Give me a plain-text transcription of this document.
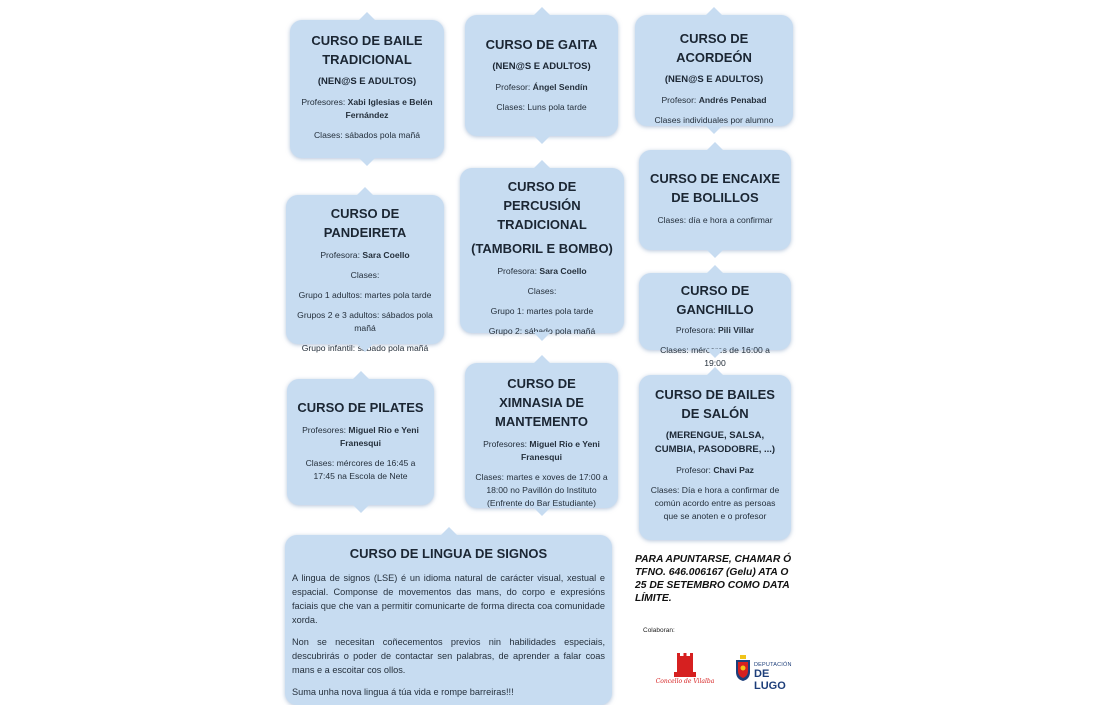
CURSO DE BAILE TRADICIONAL
(NEN@S E ADULTOS)
Profesores: Xabi Iglesias e Belén Fernández
Clases: sábados pola mañá
CURSO DE GAITA
(NEN@S E ADULTOS)
Profesor: Ángel Sendín
Clases: Luns pola tarde
CURSO DE ACORDEÓN
(NEN@S E ADULTOS)
Profesor: Andrés Penabad
Clases individuales por alumno
CURSO DE PANDEIRETA
Profesora: Sara Coello
Clases:
Grupo 1 adultos: martes pola tarde
Grupos 2 e 3 adultos: sábados pola mañá
Grupo infantil: sábado pola mañá
CURSO DE PERCUSIÓN TRADICIONAL
(TAMBORIL E BOMBO)
Profesora: Sara Coello
Clases:
Grupo 1: martes pola tarde
Grupo 2: sábado pola mañá
CURSO DE ENCAIXE DE BOLILLOS
Clases: día e hora a confirmar
CURSO DE GANCHILLO
Profesora: Pili Villar
Clases: mércores de 16:00 a 19:00
CURSO DE PILATES
Profesores: Miguel Rio e Yeni Franesqui
Clases: mércores de 16:45 a 17:45 na Escola de Nete
CURSO DE XIMNASIA DE MANTEMENTO
Profesores: Miguel Rio e Yeni Franesqui
Clases: martes e xoves de 17:00 a 18:00 no Pavillón do Instituto (Enfrente do Bar Estudiante)
CURSO DE BAILES DE SALÓN
(MERENGUE, SALSA, CUMBIA, PASODOBRE, ...)
Profesor: Chavi Paz
Clases: Día e hora a confirmar de común acordo entre as persoas que se anoten e o profesor
CURSO DE LINGUA DE SIGNOS

A lingua de signos (LSE) é un idioma natural de carácter visual, xestual e espacial. Componse de movementos das mans, do corpo e expresións faciais que che van a permitir comunicarte de forma directa coa comunidade xorda.

Non se necesitan coñecementos previos nin habilidades especiais, descubrirás o poder de contactar sen palabras, de aprender a falar coas mans e a escoitar cos ollos.

Suma unha nova lingua á túa vida e rompe barreiras!!!

PARA APUNTARSE, CHAMAR Ó TFNO. 646.006167 (Gelu) ATA O 25 DE SETEMBRO COMO DATA LÍMITE.
Colaboran:
Concello de Vilalba
DEPUTACIÓN
DE LUGO
